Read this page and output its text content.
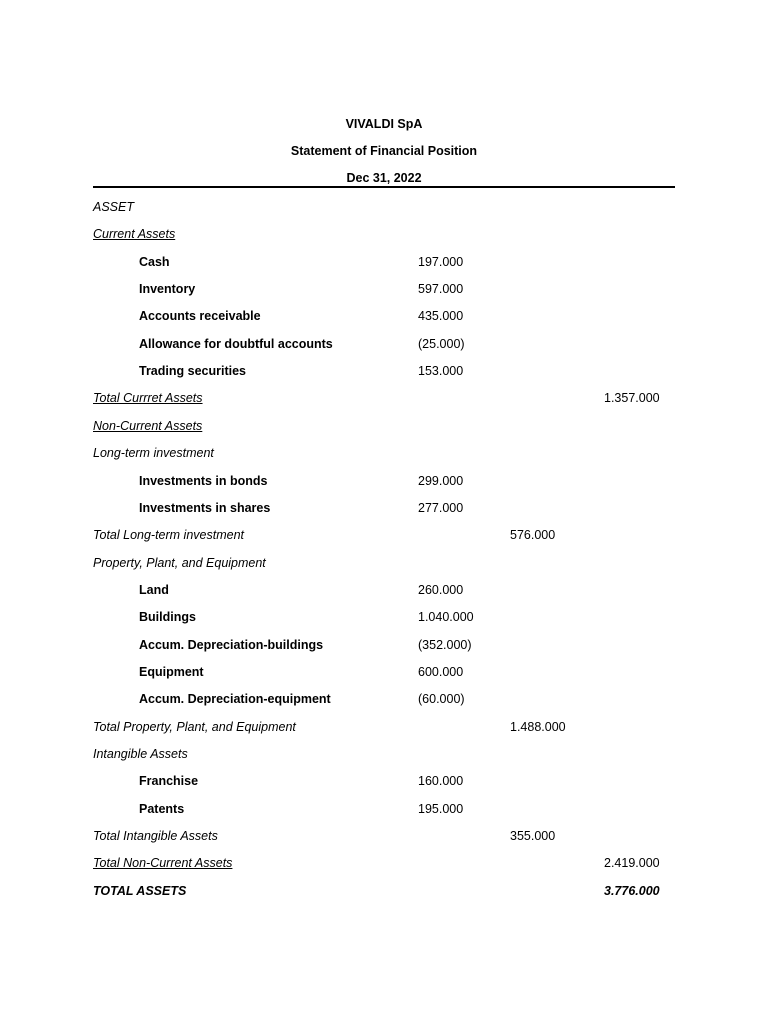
VIVALDI SpA
Statement of Financial Position
Dec 31, 2022
ASSET
Current Assets
Cash	197.000
Inventory	597.000
Accounts receivable	435.000
Allowance for doubtful accounts	(25.000)
Trading securities	153.000
Total Currret Assets	1.357.000
Non-Current Assets
Long-term investment
Investments in bonds	299.000
Investments in shares	277.000
Total Long-term investment	576.000
Property, Plant, and Equipment
Land	260.000
Buildings	1.040.000
Accum. Depreciation-buildings	(352.000)
Equipment	600.000
Accum. Depreciation-equipment	(60.000)
Total Property, Plant, and Equipment	1.488.000
Intangible Assets
Franchise	160.000
Patents	195.000
Total Intangible Assets	355.000
Total Non-Current Assets	2.419.000
TOTAL ASSETS	3.776.000
